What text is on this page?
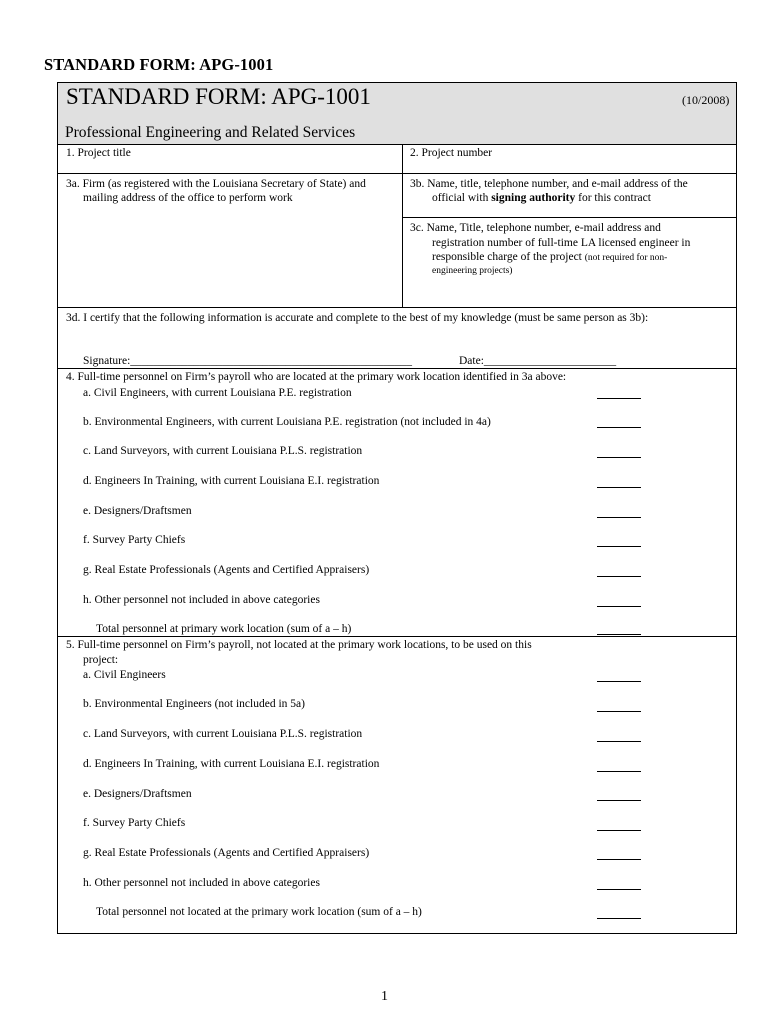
STANDARD FORM: APG-1001
STANDARD FORM: APG-1001	(10/2008)
Professional Engineering and Related Services
1. Project title	2. Project number
3a. Firm (as registered with the Louisiana Secretary of State) and
mailing address of the office to perform work
3b. Name, title, telephone number, and e-mail address of the
official with signing authority for this contract
3c. Name, Title, telephone number, e-mail address and
registration number of full-time LA licensed engineer in
responsible charge of the project (not required for non-
engineering projects)
3d. I certify that the following information is accurate and complete to the best of my knowledge (must be same person as 3b):
Signature:_________________________________________________	Date:_______________________
4. Full-time personnel on Firm’s payroll who are located at the primary work location identified in 3a above:
a. Civil Engineers, with current Louisiana P.E. registration
b. Environmental Engineers, with current Louisiana P.E. registration (not included in 4a)
c. Land Surveyors, with current Louisiana P.L.S. registration
d. Engineers In Training, with current Louisiana E.I. registration
e. Designers/Draftsmen
f. Survey Party Chiefs
g. Real Estate Professionals (Agents and Certified Appraisers)
h. Other personnel not included in above categories
Total personnel at primary work location (sum of a – h)
5. Full-time personnel on Firm’s payroll, not located at the primary work locations, to be used on this
project:
a. Civil Engineers
b. Environmental Engineers (not included in 5a)
c. Land Surveyors, with current Louisiana P.L.S. registration
d. Engineers In Training, with current Louisiana E.I. registration
e. Designers/Draftsmen
f. Survey Party Chiefs
g. Real Estate Professionals (Agents and Certified Appraisers)
h. Other personnel not included in above categories
Total personnel not located at the primary work location (sum of a – h)
1
